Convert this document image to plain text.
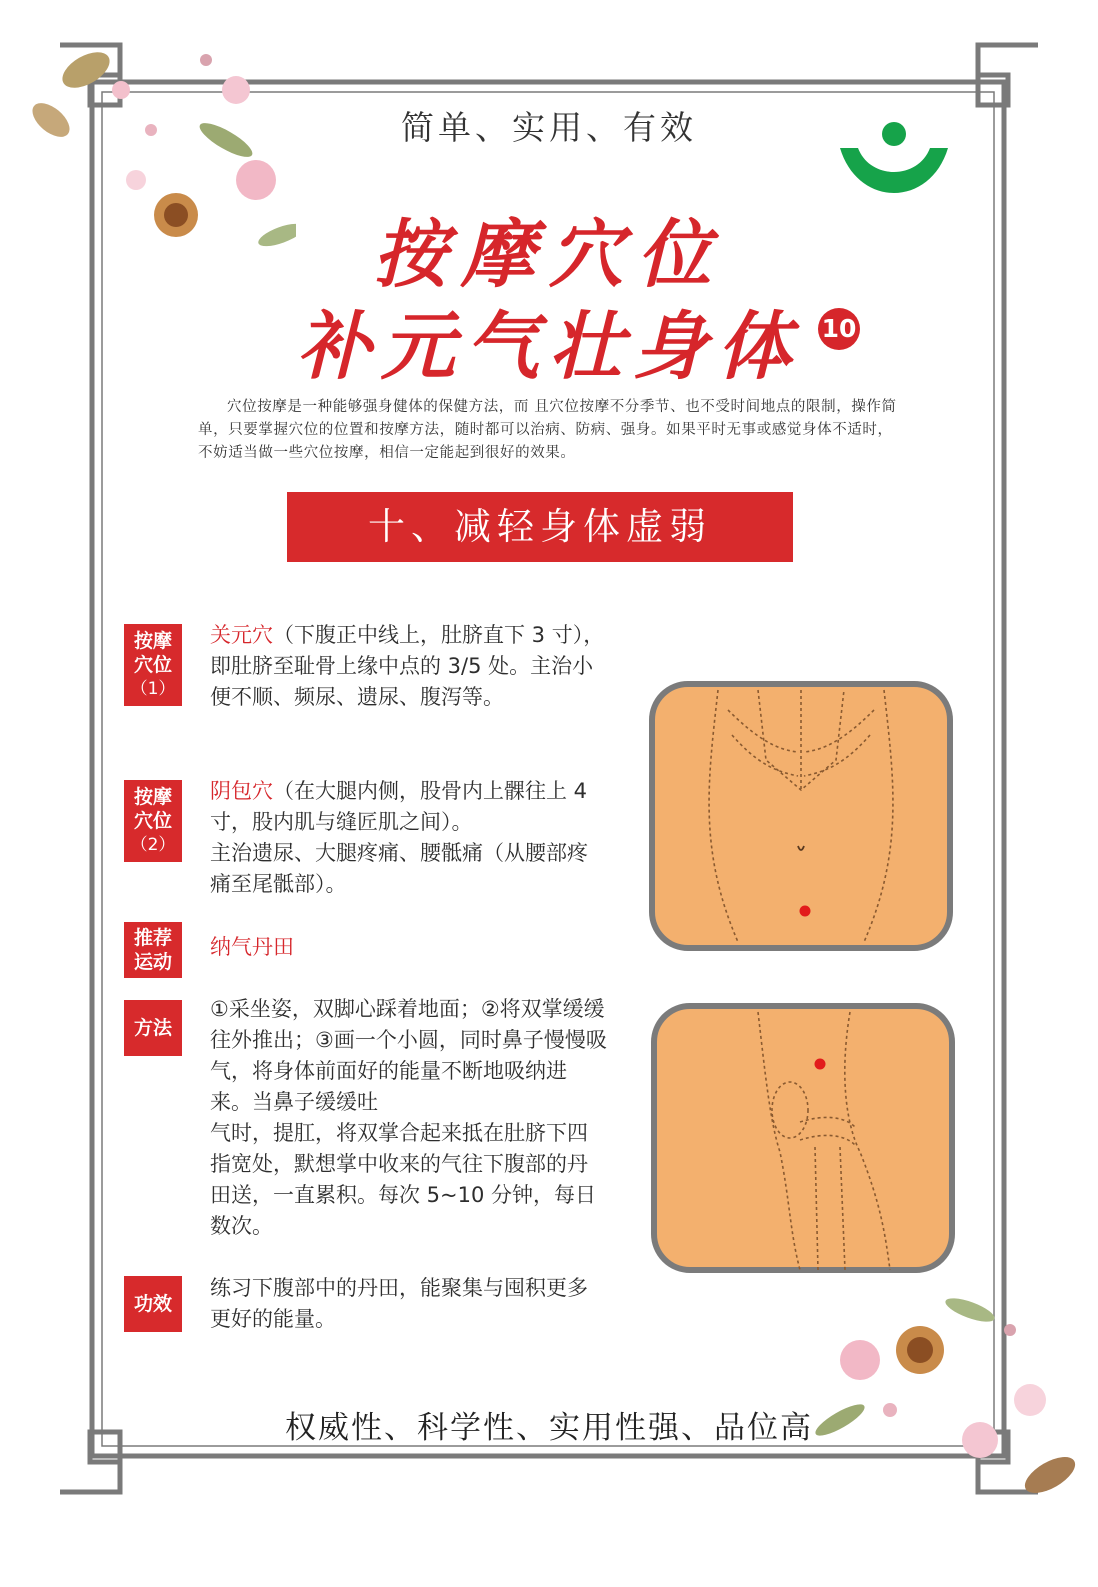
简单、实用、有效
按摩穴位
补元气壮身体 10
穴位按摩是一种能够强身健体的保健方法，而 且穴位按摩不分季节、也不受时间地点的限制，操作简单，只要掌握穴位的位置和按摩方法，随时都可以治病、防病、强身。如果平时无事或感觉身体不适时，不妨适当做一些穴位按摩，相信一定能起到很好的效果。
十、减轻身体虚弱
按摩
穴位
（1）
关元穴（下腹正中线上，肚脐直下 3 寸），即肚脐至耻骨上缘中点的 3/5 处。主治小便不顺、频尿、遗尿、腹泻等。
按摩
穴位
（2）
阴包穴（在大腿内侧，股骨内上髁往上 4寸，股内肌与缝匠肌之间）。
主治遗尿、大腿疼痛、腰骶痛（从腰部疼痛至尾骶部）。
推荐
运动
纳气丹田
方法
①采坐姿，双脚心踩着地面；②将双掌缓缓往外推出；③画一个小圆，同时鼻子慢慢吸气，将身体前面好的能量不断地吸纳进来。当鼻子缓缓吐
气时，提肛，将双掌合起来抵在肚脐下四指宽处，默想掌中收来的气往下腹部的丹田送，一直累积。每次 5~10 分钟，每日数次。
功效
练习下腹部中的丹田，能聚集与囤积更多更好的能量。
权威性、科学性、实用性强、品位高
